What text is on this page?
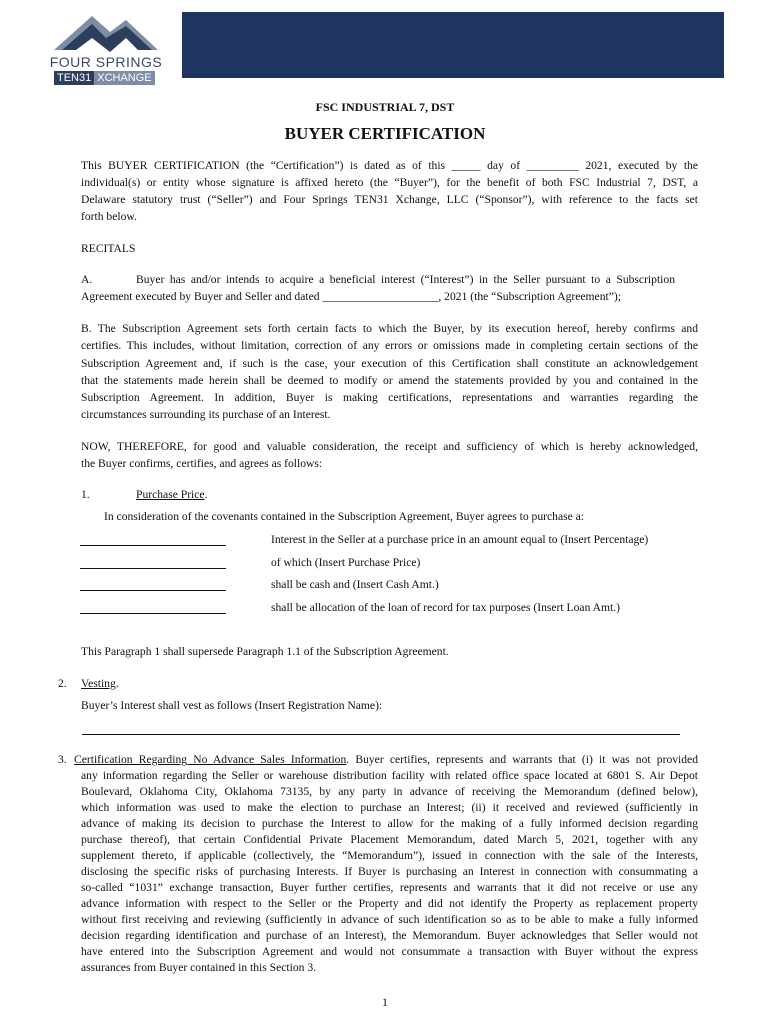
FOUR SPRINGS
TEN31 XCHANGE
FSC INDUSTRIAL 7, DST
BUYER CERTIFICATION
This BUYER CERTIFICATION (the “Certification”) is dated as of this _____ day of _________ 2021, executed by the
individual(s) or entity whose signature is affixed hereto (the “Buyer”), for the benefit of both FSC Industrial 7, DST, a
Delaware statutory trust (“Seller”) and Four Springs TEN31 Xchange, LLC (“Sponsor”), with reference to the facts set
forth below.
RECITALS
A.	Buyer has and/or intends to acquire a beneficial interest (“Interest”) in the Seller pursuant to a Subscription
Agreement executed by Buyer and Seller and dated ____________________, 2021 (the “Subscription Agreement”);
B. The Subscription Agreement sets forth certain facts to which the Buyer, by its execution hereof, hereby confirms and
certifies. This includes, without limitation, correction of any errors or omissions made in completing certain sections of the
Subscription Agreement and, if such is the case, your execution of this Certification shall constitute an acknowledgement
that the statements made herein shall be deemed to modify or amend the statements provided by you and contained in the
Subscription Agreement. In addition, Buyer is making certifications, representations and warranties regarding the
circumstances surrounding its purchase of an Interest.
NOW, THEREFORE, for good and valuable consideration, the receipt and sufficiency of which is hereby acknowledged,
the Buyer confirms, certifies, and agrees as follows:
1.	Purchase Price.
In consideration of the covenants contained in the Subscription Agreement, Buyer agrees to purchase a:
Interest in the Seller at a purchase price in an amount equal to (Insert Percentage)
of which (Insert Purchase Price)
shall be cash and (Insert Cash Amt.)
shall be allocation of the loan of record for tax purposes (Insert Loan Amt.)
This Paragraph 1 shall supersede Paragraph 1.1 of the Subscription Agreement.
2. Vesting.
Buyer’s Interest shall vest as follows (Insert Registration Name):
3. Certification Regarding No Advance Sales Information. Buyer certifies, represents and warrants that (i) it was not provided
any information regarding the Seller or warehouse distribution facility with related office space located at 6801 S. Air Depot
Boulevard, Oklahoma City, Oklahoma 73135, by any party in advance of receiving the Memorandum (defined below),
which information was used to make the election to purchase an Interest; (ii) it received and reviewed (sufficiently in
advance of making its decision to purchase the Interest to allow for the making of a fully informed decision regarding
purchase thereof), that certain Confidential Private Placement Memorandum, dated March 5, 2021, together with any
supplement thereto, if applicable (collectively, the “Memorandum”), issued in connection with the sale of the Interests,
disclosing the specific risks of purchasing Interests. If Buyer is purchasing an Interest in connection with consummating a
so-called “1031” exchange transaction, Buyer further certifies, represents and warrants that it did not receive or use any
advance information with respect to the Seller or the Property and did not identify the Property as replacement property
without first receiving and reviewing (sufficiently in advance of such identification so as to be able to make a fully informed
decision regarding identification and purchase of an Interest), the Memorandum. Buyer acknowledges that Seller would not
have entered into the Subscription Agreement and would not consummate a transaction with Buyer without the express
assurances from Buyer contained in this Section 3.
1
